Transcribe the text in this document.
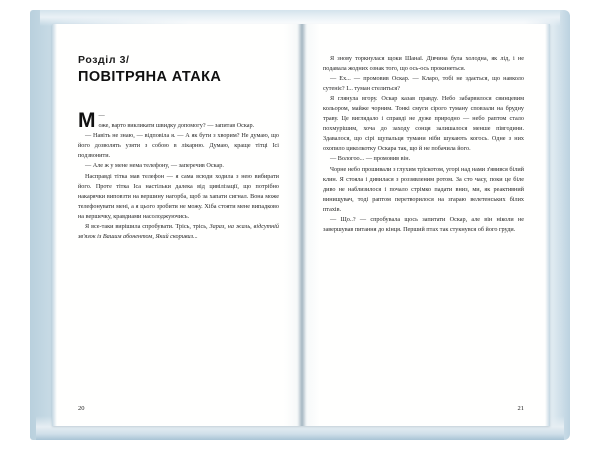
Розділ 3/
ПОВІТРЯНА АТАКА
—
М оже, варто викликати швидку допомогу? — запитав Оскар.

— Навіть не знаю, — відповіла я. — А як бути з хворим? Не думаю, що його дозволять узяти з собою в лікарню. Думаю, краще тітці Ісі подзвонити.

— Але ж у мене нема телефону, — заперечив Оскар.

Насправді тітка мав телефон — я сама всюди ходила з нею вибирати його. Проте тітка Іса настільки далека від цивілізації, що потрібно накарячки виповзти на вершину нагорба, щоб за хапати сигнал. Вона може телефонувати мені, а я цього зробити не можу. Хіба стояти мене випадково на вершечку, кравдиами насолоджуючись.

Я все-таки вирішила спробувати. Трісь, трісь, Зараз, на жаль, відсутній зв'язок із Вашим абонентом, Який скоривиз...

20

Я знову торкнулася щоки Шанаї. Дівчина була холодна, як лід, і не подавала жодних ознак того, що ось-ось прокинеться.

— Ех... — промовив Оскар. — Кларо, тобі не здається, що навколо сутеніє? І... туман стелиться?

Я глянула вгору. Оскар казав правду. Небо забарвилося свинцевим кольором, майже чорним. Тонкі смуги сірого туману сповзали на брудну траву. Це виглядало і справді не дуже природно — небо раптом стало похмурішим, хоча до заходу сонця залишалося менше півгодини. Здавалося, що сірі щупальця тумани ніби шукають когось. Одне з них охопило циколкотку Оскара так, що й не побачила його.

— Вологоо... — промовив він.

Чорне небо прошивали з глухим тріскотом, угорі над нами з'явився білий клин. Я стояла і дивилася з роззявленим ротом. За сто часу, поки це біле диво не наблизилося і почало стрімко падати вниз, ми, як реактивний винищувач, тоді раптом перетворилося на згараю велетенських білих птахів.

— Що..? — спробувала щось запитати Оскар, але він ніколи не завершував питання до кінця. Перший птах так стукнувся об його груди.

21
